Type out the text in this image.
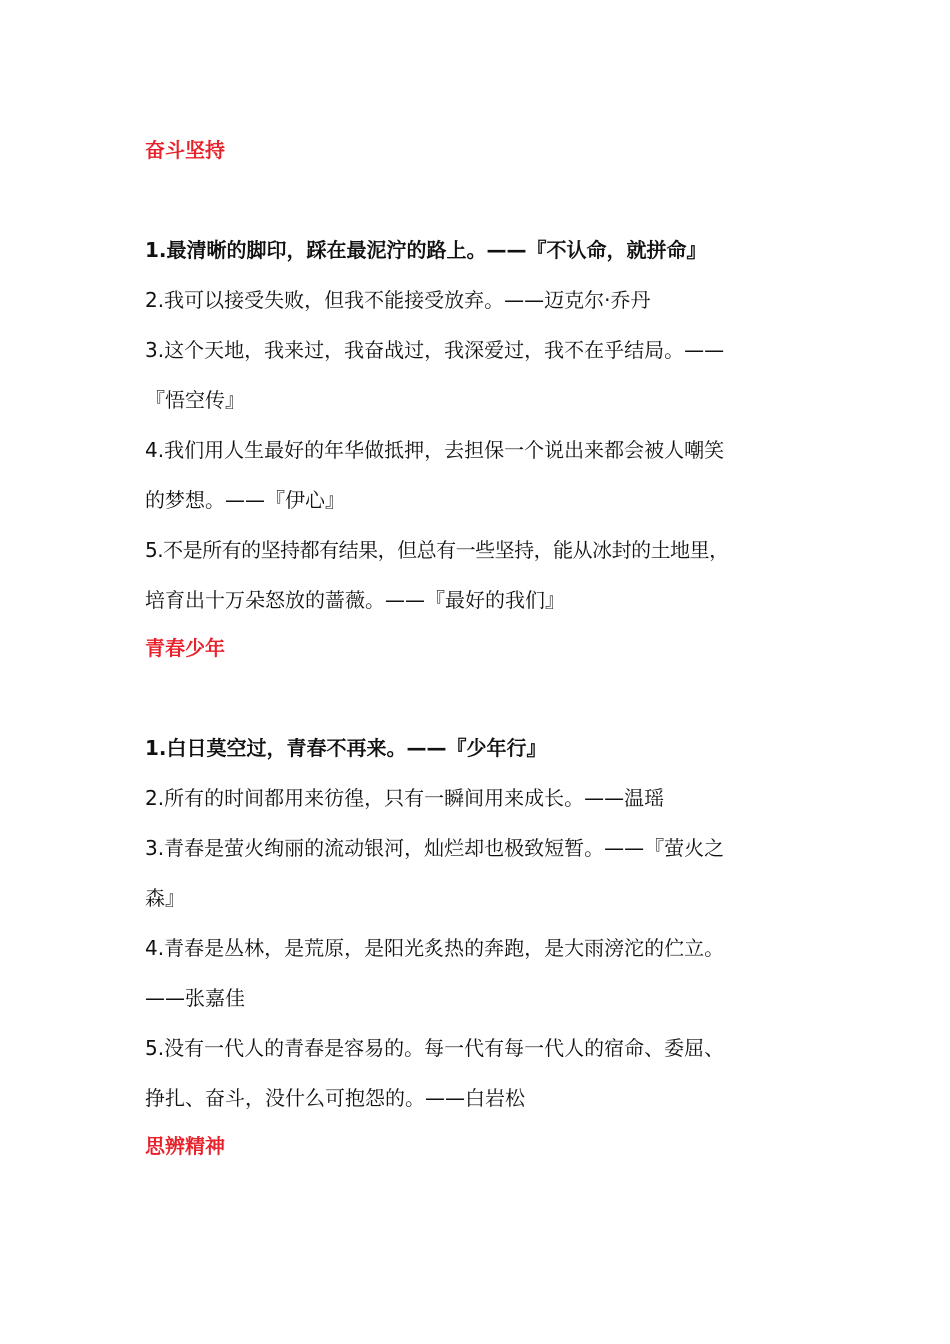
奋斗坚持
1.最清晰的脚印，踩在最泥泞的路上。——『不认命，就拼命』
2.我可以接受失败，但我不能接受放弃。——迈克尔·乔丹
3.这个天地，我来过，我奋战过，我深爱过，我不在乎结局。——
『悟空传』
4.我们用人生最好的年华做抵押，去担保一个说出来都会被人嘲笑
的梦想。——『伊心』
5.不是所有的坚持都有结果，但总有一些坚持，能从冰封的土地里，
培育出十万朵怒放的蔷薇。——『最好的我们』
青春少年
1.白日莫空过，青春不再来。——『少年行』
2.所有的时间都用来彷徨，只有一瞬间用来成长。——温瑶
3.青春是萤火绚丽的流动银河，灿烂却也极致短暂。——『萤火之
森』
4.青春是丛林，是荒原，是阳光炙热的奔跑，是大雨滂沱的伫立。
——张嘉佳
5.没有一代人的青春是容易的。每一代有每一代人的宿命、委屈、
挣扎、奋斗，没什么可抱怨的。——白岩松
思辨精神
